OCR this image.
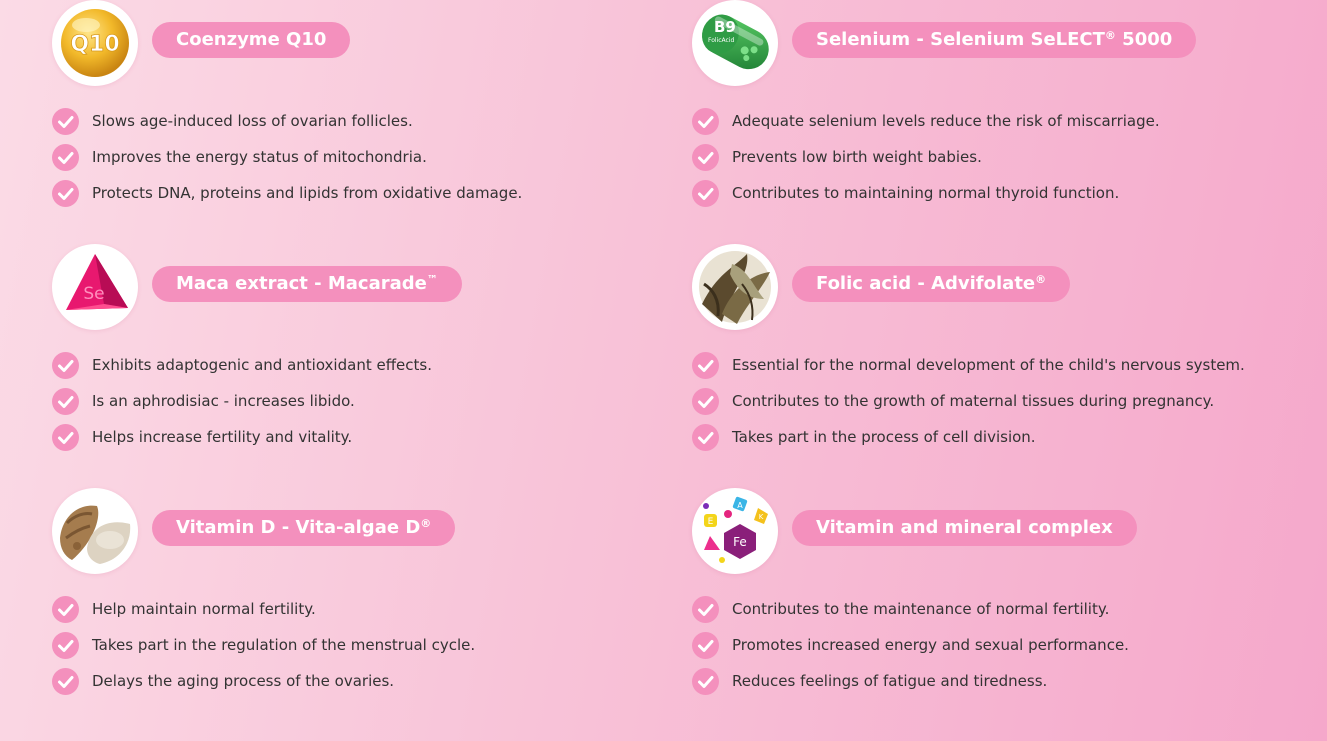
Q10	Coenzyme Q10
Slows age-induced loss of ovarian follicles.
Improves the energy status of mitochondria.
Protects DNA, proteins and lipids from oxidative damage.
B9
FolicAcid	Selenium - Selenium SeLECT® 5000
Adequate selenium levels reduce the risk of miscarriage.
Prevents low birth weight babies.
Contributes to maintaining normal thyroid function.
Se	Maca extract - Macarade™
Exhibits adaptogenic and antioxidant effects.
Is an aphrodisiac - increases libido.
Helps increase fertility and vitality.
Folic acid - Advifolate®
Essential for the normal development of the child's nervous system.
Contributes to the growth of maternal tissues during pregnancy.
Takes part in the process of cell division.
Vitamin D - Vita-algae D®
Help maintain normal fertility.
Takes part in the regulation of the menstrual cycle.
Delays the aging process of the ovaries.
Fe
E
A
K	Vitamin and mineral complex
Contributes to the maintenance of normal fertility.
Promotes increased energy and sexual performance.
Reduces feelings of fatigue and tiredness.
